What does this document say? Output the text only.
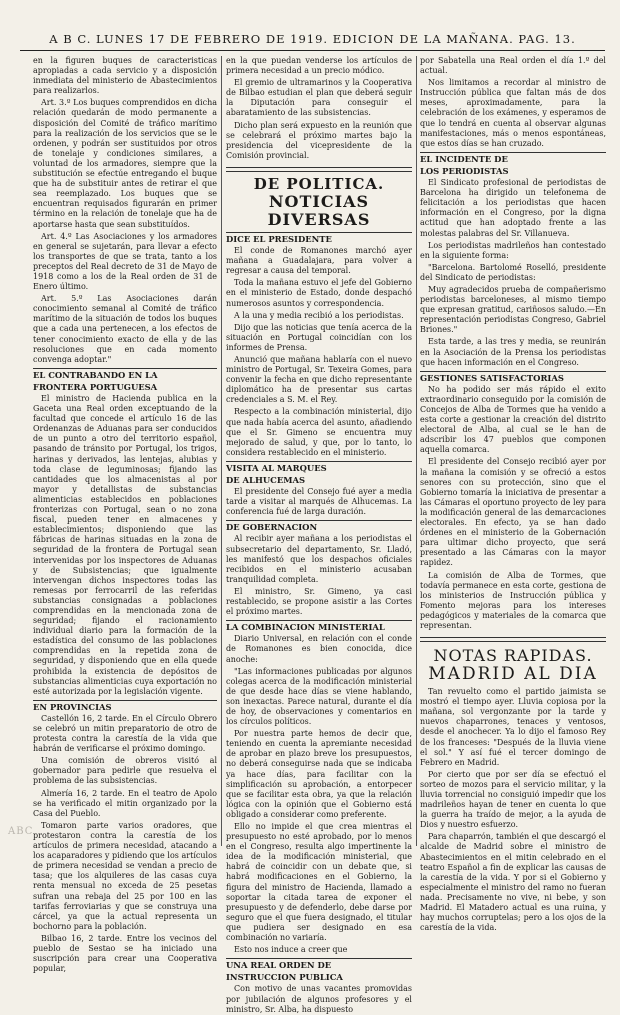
A B C. LUNES 17 DE FEBRERO DE 1919. EDICION DE LA MAÑANA. PAG. 13.

en la figuren buques de caracteristicas apropiadas a cada servicio y a disposición inmediata del ministerio de Abastecimientos para realizarlos.

Art. 3.º Los buques comprendidos en dicha relación quedarán de modo permanente a disposición del Comité de tráfico marítimo para la realización de los servicios que se le ordenen, y podrán ser sustituidos por otros de tonelaje y condiciones similares, a voluntad de los armadores, siempre que la substitución se efectúe entregando el buque que ha de substituir antes de retirar el que sea reemplazado. Los buques que se encuentran requisados figurarán en primer término en la relación de tonelaje que ha de aportarse hasta que sean substituídos.

Art. 4.º Las Asociaciones y los armadores en general se sujetarán, para llevar a efecto los transportes de que se trata, tanto a los preceptos del Real decreto de 31 de Mayo de 1918 como a los de la Real orden de 31 de Enero último.

Art. 5.º Las Asociaciones darán conocimiento semanal al Comité de tráfico marítimo de la situación de todos los buques que a cada una pertenecen, a los efectos de tener conocimiento exacto de ella y de las resoluciones que en cada momento convenga adoptar."

EL CONTRABANDO EN LA
FRONTERA PORTUGUESA

El ministro de Hacienda publica en la Gaceta una Real orden exceptuando de la facultad que concede el artículo 16 de las Ordenanzas de Aduanas para ser conducidos de un punto a otro del territorio español, pasando de tránsito por Portugal, los trigos, harinas y derivados, las lentejas, alubias y toda clase de leguminosas; fijando las cantidades que los almacenistas al por mayor y detallistas de substancias alimenticias establecidos en poblaciones fronterizas con Portugal, sean o no zona fiscal, pueden tener en almacenes y establecimientos; disponiendo que las fábricas de harinas situadas en la zona de seguridad de la frontera de Portugal sean intervenidas por los inspectores de Aduanas y de Subsistencias; que igualmente intervengan dichos inspectores todas las remesas por ferrocarril de las referidas substancias consignadas a poblaciones comprendidas en la mencionada zona de seguridad; fijando el racionamiento individual diario para la formación de la estadística del consumo de las poblaciones comprendidas en la repetida zona de seguridad, y disponiendo que en ella quede prohibida la existencia de depósitos de substancias alimenticias cuya exportación no esté autorizada por la legislación vigente.

EN PROVINCIAS

Castellón 16, 2 tarde. En el Círculo Obrero se celebró un mitin preparatorio de otro de protesta contra la carestía de la vida que habrán de verificarse el próximo domingo.

Una comisión de obreros visitó al gobernador para pedirle que resuelva el problema de las subsistencias.

Almería 16, 2 tarde. En el teatro de Apolo se ha verificado el mitin organizado por la Casa del Pueblo.

Tomaron parte varios oradores, que protestaron contra la carestía de los artículos de primera necesidad, atacando a los acaparadores y pidiendo que los artículos de primera necesidad se vendan a precio de tasa; que los alquileres de las casas cuya renta mensual no exceda de 25 pesetas sufran una rebaja del 25 por 100 en las tarifas ferroviarias y que se construya una cárcel, ya que la actual representa un bochorno para la población.

Bilbao 16, 2 tarde. Entre los vecinos del pueblo de Sestao se ha iniciado una suscripción para crear una Cooperativa popular,

en la que puedan venderse los artículos de primera necesidad a un precio módico.

El gremio de ultramarinos y la Cooperativa de Bilbao estudian el plan que deberá seguir la Diputación para conseguir el abaratamiento de las subsistencias.

Dicho plan será expuesto en la reunión que se celebrará el próximo martes bajo la presidencia del vicepresidente de la Comisión provincial.

DE POLITICA.

NOTICIAS DIVERSAS

DICE EL PRESIDENTE

El conde de Romanones marchó ayer mañana a Guadalajara, para volver a regresar a causa del temporal.

Toda la mañana estuvo el jefe del Gobierno en el ministerio de Estado, donde despachó numerosos asuntos y correspondencia.

A la una y media recibió a los periodistas.

Dijo que las noticias que tenía acerca de la situación en Portugal coincidían con los informes de Prensa.

Anunció que mañana hablaría con el nuevo ministro de Portugal, Sr. Texeira Gomes, para convenir la fecha en que dicho representante diplomático ha de presentar sus cartas credenciales a S. M. el Rey.

Respecto a la combinación ministerial, dijo que nada había acerca del asunto, añadiendo que el Sr. Gimeno se encuentra muy mejorado de salud, y que, por lo tanto, lo considera restablecido en el ministerio.

VISITA AL MARQUES
DE ALHUCEMAS

El presidente del Consejo fué ayer a media tarde a visitar al marqués de Alhucemas. La conferencia fué de larga duración.

DE GOBERNACION

Al recibir ayer mañana a los periodistas el subsecretario del departamento, Sr. Lladó, les manifestó que los despachos oficiales recibidos en el ministerio acusaban tranquilidad completa.

El ministro, Sr. Gimeno, ya casi restablecido, se propone asistir a las Cortes el próximo martes.

LA COMBINACION MINISTERIAL

Diario Universal, en relación con el conde de Romanones es bien conocida, dice anoche:

"Las informaciones publicadas por algunos colegas acerca de la modificación ministerial de que desde hace días se viene hablando, son inexactas. Parece natural, durante el día de hoy, de observaciones y comentarios en los círculos políticos.

Por nuestra parte hemos de decir que, teniendo en cuenta la apremiante necesidad de aprobar en plazo breve los presupuestos, no deberá conseguirse nada que se indicaba ya hace días, para facilitar con la simplificación su aprobación, a entorpecer que se facilitar esta obra, ya que la relación lógica con la opinión que el Gobierno está obligado a considerar como preferente.

Ello no impide el que crea mientras el presupuesto no esté aprobado, por lo menos en el Congreso, resulta algo impertinente la idea de la modificación ministerial, que habrá de coincidir con un debate que, si habrá modificaciones en el Gobierno, la figura del ministro de Hacienda, llamado a soportar la citada tarea de exponer el presupuesto y de defenderlo, debe darse por seguro que el que fuera designado, el titular que pudiera ser designado en esa combinación no variaría.

Esto nos induce a creer que

UNA REAL ORDEN DE
INSTRUCCION PUBLICA

Con motivo de unas vacantes promovidas por jubilación de algunos profesores y el ministro, Sr. Alba, ha dispuesto

por Sabatella una Real orden el día 1.º del actual.

Nos limitamos a recordar al ministro de Instrucción pública que faltan más de dos meses, aproximadamente, para la celebración de los exámenes, y esperamos de que lo tendrá en cuenta al observar algunas manifestaciones, más o menos espontáneas, que estos días se han cruzado.

EL INCIDENTE DE
LOS PERIODISTAS

El Sindicato profesional de periodistas de Barcelona ha dirigido un telefonema de felicitación a los periodistas que hacen información en el Congreso, por la digna actitud que han adoptado frente a las molestas palabras del Sr. Villanueva.

Los periodistas madrileños han contestado en la siguiente forma:

"Barcelona. Bartolomé Roselló, presidente del Sindicato de periodistas:

Muy agradecidos prueba de compañerismo periodistas barceloneses, al mismo tiempo que expresan gratitud, cariñosos saludo.—En representación periodistas Congreso, Gabriel Briones."

Esta tarde, a las tres y media, se reunirán en la Asociación de la Prensa los periodistas que hacen información en el Congreso.

GESTIONES SATISFACTORIAS

No ha podido ser más rápido el exito extraordinario conseguido por la comisión de Concejos de Alba de Tormes que ha venido a esta corte a gestionar la creación del distrito electoral de Alba, al cual se le han de adscribir los 47 pueblos que componen aquella comarca.

El presidente del Consejo recibió ayer por la mañana la comisión y se ofreció a estos senores con su protección, sino que el Gobierno tomaría la iniciativa de presentar a las Cámaras el oportuno proyecto de ley para la modificación general de las demarcaciones electorales. En efecto, ya se han dado órdenes en el ministerio de la Gobernación para ultimar dicho proyecto, que será presentado a las Cámaras con la mayor rapidez.

La comisión de Alba de Tormes, que todavía permanece en esta corte, gestiona de los ministerios de Instrucción pública y Fomento mejoras para los intereses pedagógicos y materiales de la comarca que representan.

NOTAS RAPIDAS.

MADRID AL DIA

Tan revuelto como el partido jaimista se mostró el tiempo ayer. Lluvia copiosa por la mañana, sol vergonzante por la tarde y nuevos chaparrones, tenaces y ventosos, desde el anochecer. Ya lo dijo el famoso Rey de los franceses: "Después de la lluvia viene el sol." Y así fué el tercer domingo de Febrero en Madrid.

Por cierto que por ser día se efectuó el sorteo de mozos para el servicio militar, y la lluvia torrencial no consiguió impedir que los madrileños hayan de tener en cuenta lo que la guerra ha traído de mejor, a la ayuda de Dios y nuestro esfuerzo.

Para chaparrón, también el que descargó el alcalde de Madrid sobre el ministro de Abastecimientos en el mitin celebrado en el teatro Español a fin de explicar las causas de la carestía de la vida. Y por si el Gobierno y especialmente el ministro del ramo no fueran nada. Precisamente no vive, ni bebe, y son Madrid. El Matadero actual es una ruina, y hay muchos corruptelas; pero a los ojos de la carestía de la vida.

ABC
